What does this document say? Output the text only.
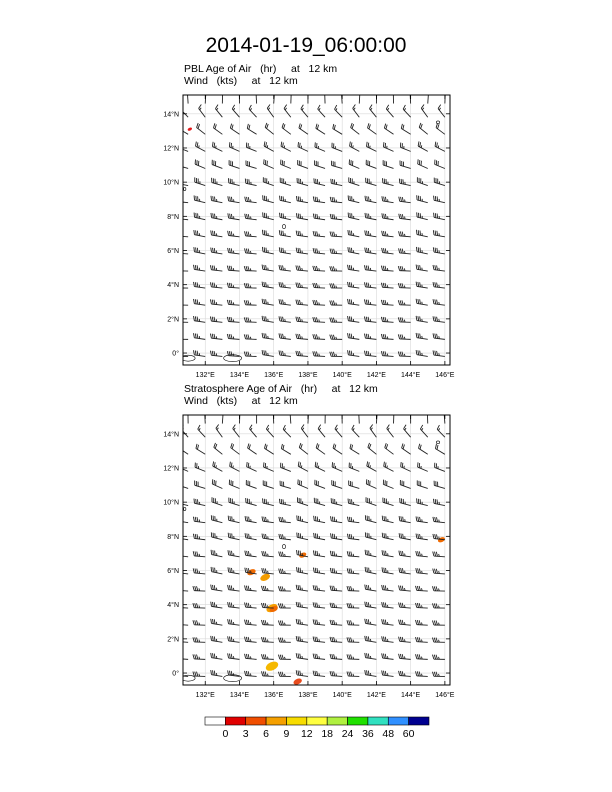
2014-01-19_06:00:00
PBL Age of Air   (hr)     at   12 km
Wind   (kts)     at   12 km
Stratosphere Age of Air   (hr)     at   12 km
Wind   (kts)     at   12 km
14°N
12°N
10°N
8°N
6°N
4°N
2°N
0°
132°E 134°E 136°E 138°E 140°E 142°E 144°E 146°E
14°N
12°N
10°N
8°N
6°N
4°N
2°N
0°
132°E 134°E 136°E 138°E 140°E 142°E 144°E 146°E
0	3	6	9	12 18 24 36 48 60
